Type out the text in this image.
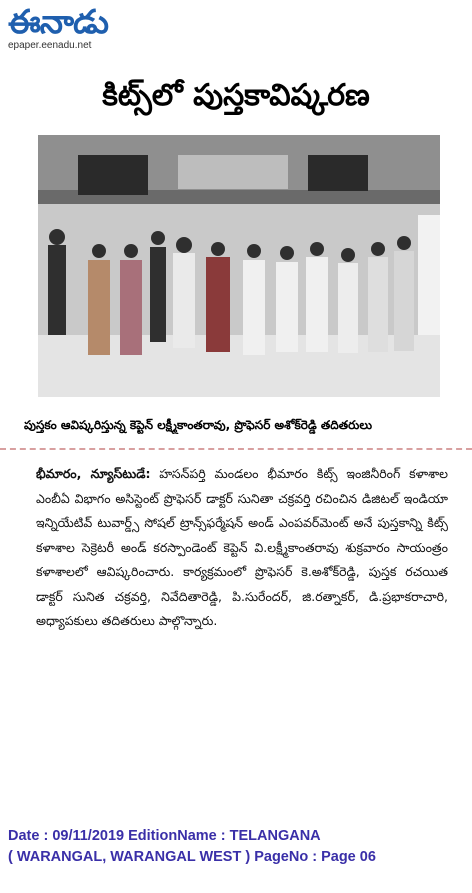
ఈనాడు
epaper.eenadu.net
కిట్స్‌లో పుస్తకావిష్కరణ
పుస్తకం ఆవిష్కరిస్తున్న కెప్టెన్ లక్ష్మీకాంతరావు, ప్రొఫెసర్ అశోక్‌రెడ్డి తదితరులు
భీమారం, న్యూస్‌టుడే: హసన్‌పర్తి మండలం భీమారం కిట్స్ ఇంజినీరింగ్ కళాశాల ఎంబీఏ విభాగం అసిస్టెంట్ ప్రొఫెసర్ డాక్టర్ సునితా చక్రవర్తి రచించిన డిజిటల్ ఇండియా ఇన్నియేటివ్ టువార్డ్స్ సోషల్ ట్రాన్స్‌ఫర్మేషన్ అండ్ ఎంపవర్‌మెంట్ అనే పుస్తకాన్ని కిట్స్ కళాశాల సెక్రెటరీ అండ్ కరస్పాండెంట్ కెప్టెన్ వి.లక్ష్మీకాంతరావు శుక్రవారం సాయంత్రం కళాశాలలో ఆవిష్కరించారు. కార్యక్రమంలో ప్రొఫెసర్ కె.అశోక్‌రెడ్డి, పుస్తక రచయిత డాక్టర్ సునిత చక్రవర్తి, నివేదితారెడ్డి, పి.సురేందర్, జి.రత్నాకర్, డి.ప్రభాకరాచారి, అధ్యాపకులు తదితరులు పాల్గొన్నారు.
Date : 09/11/2019 EditionName : TELANGANA
( WARANGAL, WARANGAL WEST ) PageNo : Page 06
